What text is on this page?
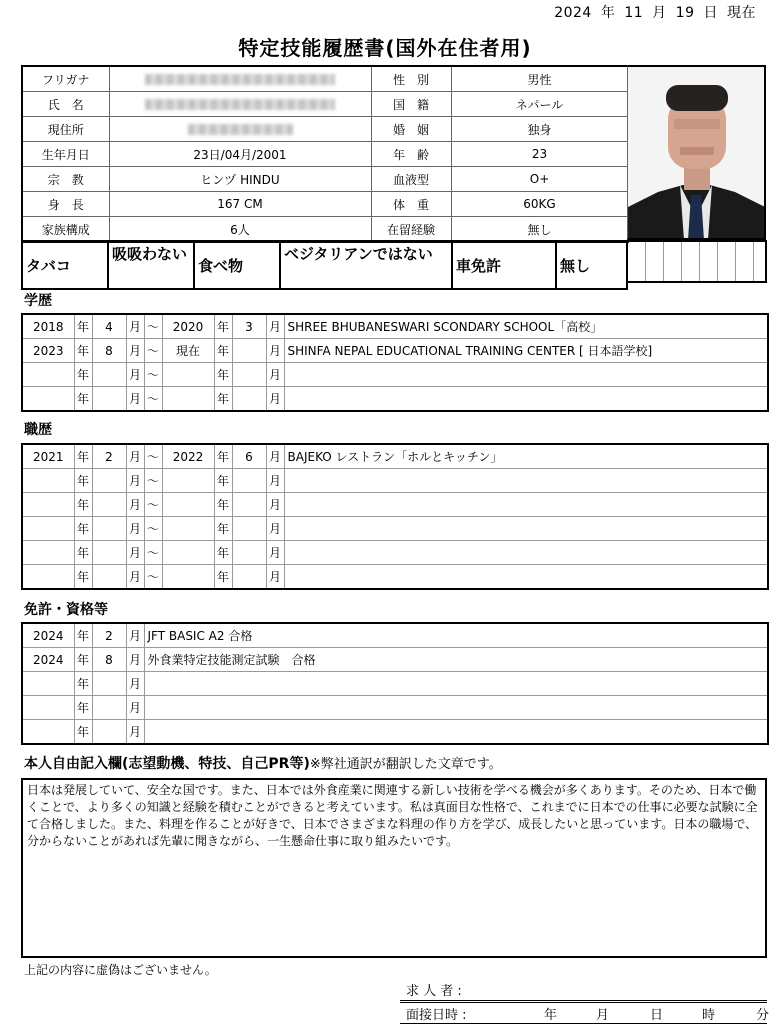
2024 年 11 月 19 日 現在
特定技能履歴書(国外在住者用)
フリガナ		性　別	男性
氏　名		国　籍	ネパール
現住所		婚　姻	独身
生年月日	23日/04月/2001	年　齢	23
宗　教	ヒンヅ HINDU	血液型	O+
身　長	167 CM	体　重	60KG
家族構成	6人	在留経験	無し
タバコ	吸吸わない	食べ物	ベジタリアンではない	車免許	無し
学歴
2018	年	4	月	〜	2020	年	3	月	SHREE BHUBANESWARI SCONDARY SCHOOL「高校」
2023	年	8	月	〜	現在	年		月	SHINFA NEPAL EDUCATIONAL TRAINING CENTER [ 日本語学校]
	年		月	〜		年		月	
	年		月	〜		年		月	
職歴
2021	年	2	月	〜	2022	年	6	月	BAJEKO レストラン「ホルとキッチン」
	年		月	〜		年		月	
	年		月	〜		年		月	
	年		月	〜		年		月	
	年		月	〜		年		月	
	年		月	〜		年		月	
免許・資格等
2024	年	2	月	JFT BASIC A2 合格
2024	年	8	月	外食業特定技能測定試験　合格
	年		月	
	年		月	
	年		月	
本人自由記入欄(志望動機、特技、自己PR等)※弊社通訳が翻訳した文章です。
日本は発展していて、安全な国です。また、日本では外食産業に関連する新しい技術を学べる機会が多くあります。そのため、日本で働くことで、より多くの知識と経験を積むことができると考えています。私は真面目な性格で、これまでに日本での仕事に必要な試験に全て合格しました。また、料理を作ることが好きで、日本でさまざまな料理の作り方を学び、成長したいと思っています。日本の職場で、分からないことがあれば先輩に聞きながら、一生懸命仕事に取り組みたいです。
上記の内容に虚偽はございません。
求 人 者 :
面接日時 :	年	月	日	時	分
